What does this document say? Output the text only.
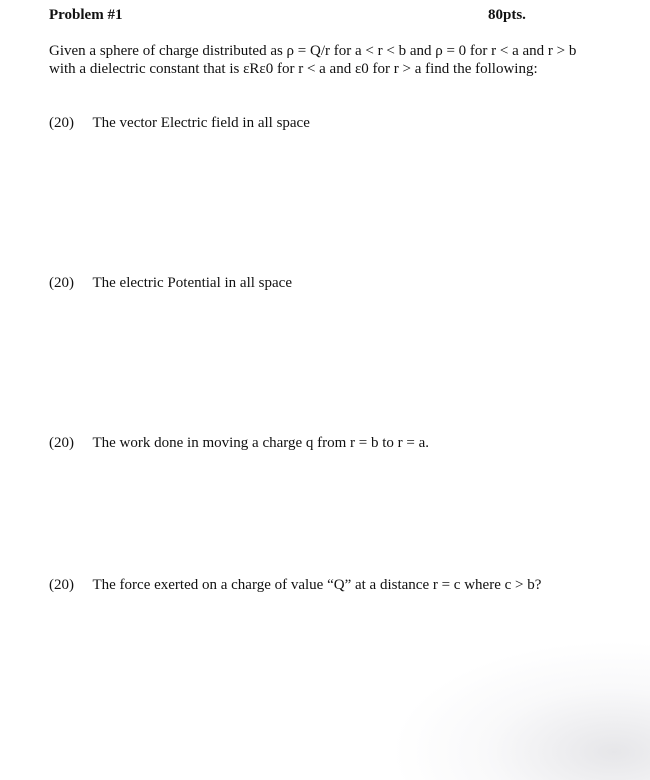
Problem #1	80pts.
Given a sphere of charge distributed as ρ = Q/r for a < r < b and ρ = 0 for r < a and r > b
with a dielectric constant that is εRε0 for r < a and ε0 for r > a find the following:
(20) The vector Electric field in all space
(20) The electric Potential in all space
(20) The work done in moving a charge q from r = b to r = a.
(20) The force exerted on a charge of value “Q” at a distance r = c where c > b?
